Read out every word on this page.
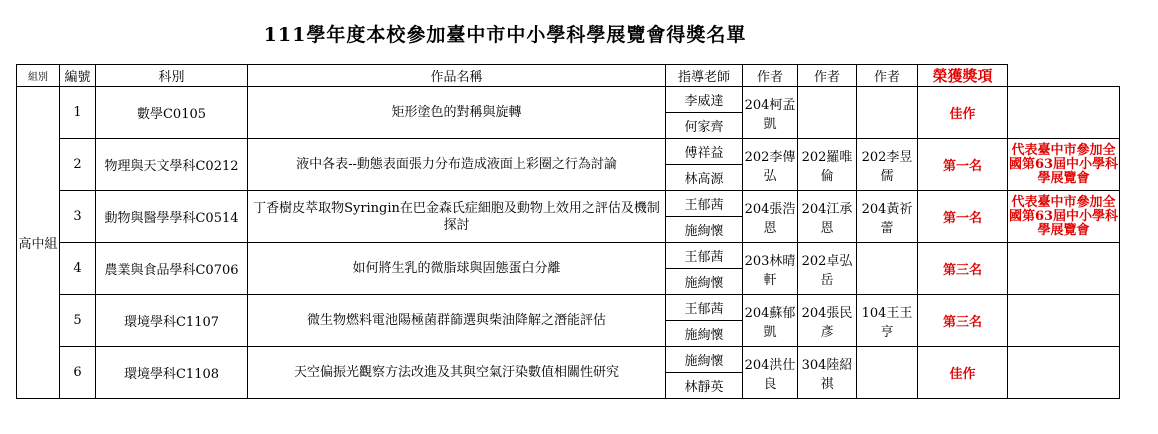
111學年度本校參加臺中市中小學科學展覽會得獎名單
組別	編號	科別	作品名稱	指導老師	作者	作者	作者	榮獲獎項	
高中組	1	數學C0105	矩形塗色的對稱與旋轉	李威達	204柯孟凱			佳作	
				何家齊					
	2	物理與天文學科C0212	液中各表--動態表面張力分布造成液面上彩圈之行為討論	傅祥益	202李傳弘	202羅唯倫	202李昱儒	第一名	代表臺中市參加全國第63屆中小學科學展覽會
				林高源					
	3	動物與醫學學科C0514	丁香樹皮萃取物Syringin在巴金森氏症細胞及動物上效用之評估及機制探討	王郁茜	204張浩恩	204江承恩	204黃祈蕾	第一名	代表臺中市參加全國第63屆中小學科學展覽會
				施絢懷					
	4	農業與食品學科C0706	如何將生乳的微脂球與固態蛋白分離	王郁茜	203林晴軒	202卓弘岳		第三名	
				施絢懷					
	5	環境學科C1107	微生物燃料電池陽極菌群篩選與柴油降解之潛能評估	王郁茜	204蘇郁凱	204張民彥	104王王亨	第三名	
				施絢懷					
	6	環境學科C1108	天空偏振光觀察方法改進及其與空氣汙染數值相關性研究	施絢懷	204洪仕良	304陸紹祺		佳作	
				林靜英					
